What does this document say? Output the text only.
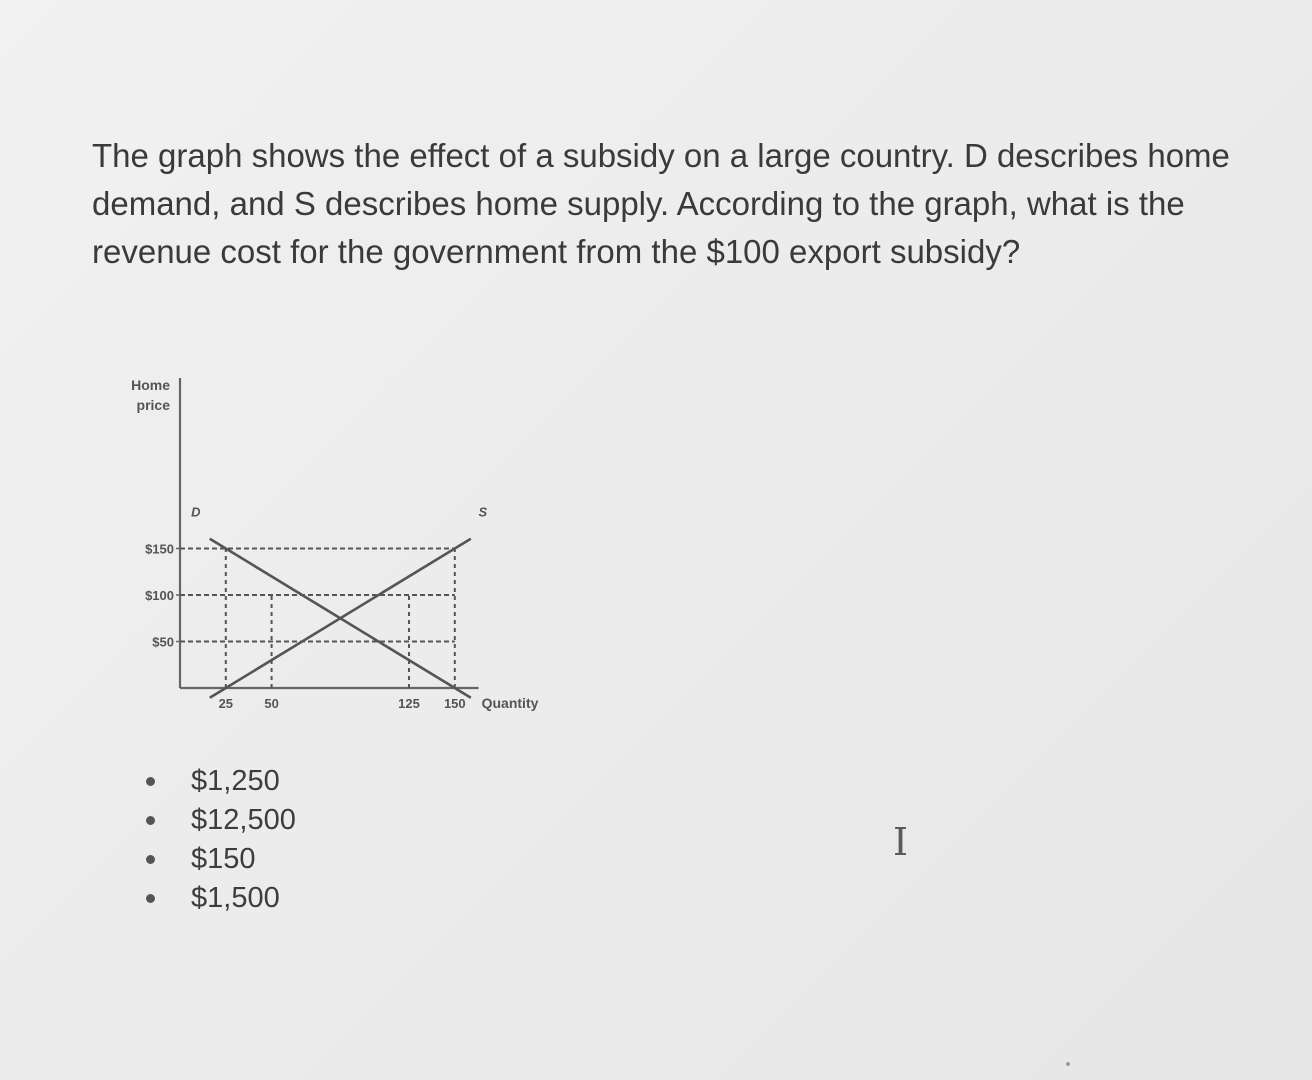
The graph shows the effect of a subsidy on a large country. D describes home demand, and S describes home supply. According to the graph, what is the revenue cost for the government from the $100 export subsidy?

Home
price
Quantity
$150
$100
$50
25 50	125 150
D	S
$1,250
$12,500
$150
$1,500
I
